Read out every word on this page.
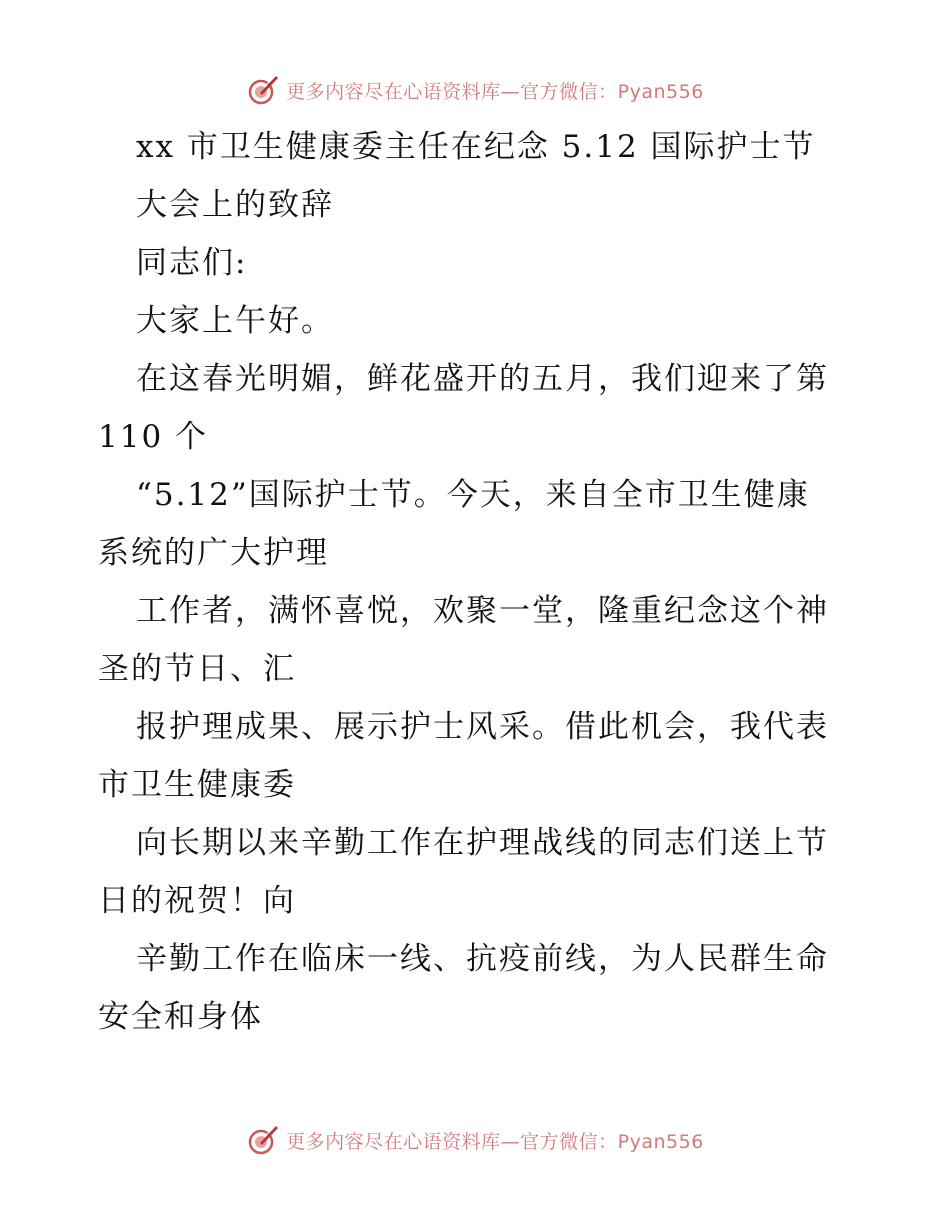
更多内容尽在心语资料库—官方微信：Pyan556
xx 市卫生健康委主任在纪念 5.12 国际护士节
大会上的致辞
同志们:
大家上午好。
在这春光明媚，鲜花盛开的五月，我们迎来了第
110 个
“5.12”国际护士节。今天，来自全市卫生健康
系统的广大护理
工作者，满怀喜悦，欢聚一堂，隆重纪念这个神
圣的节日、汇
报护理成果、展示护士风采。借此机会，我代表
市卫生健康委
向长期以来辛勤工作在护理战线的同志们送上节
日的祝贺！向
辛勤工作在临床一线、抗疫前线，为人民群生命
安全和身体
更多内容尽在心语资料库—官方微信：Pyan556
